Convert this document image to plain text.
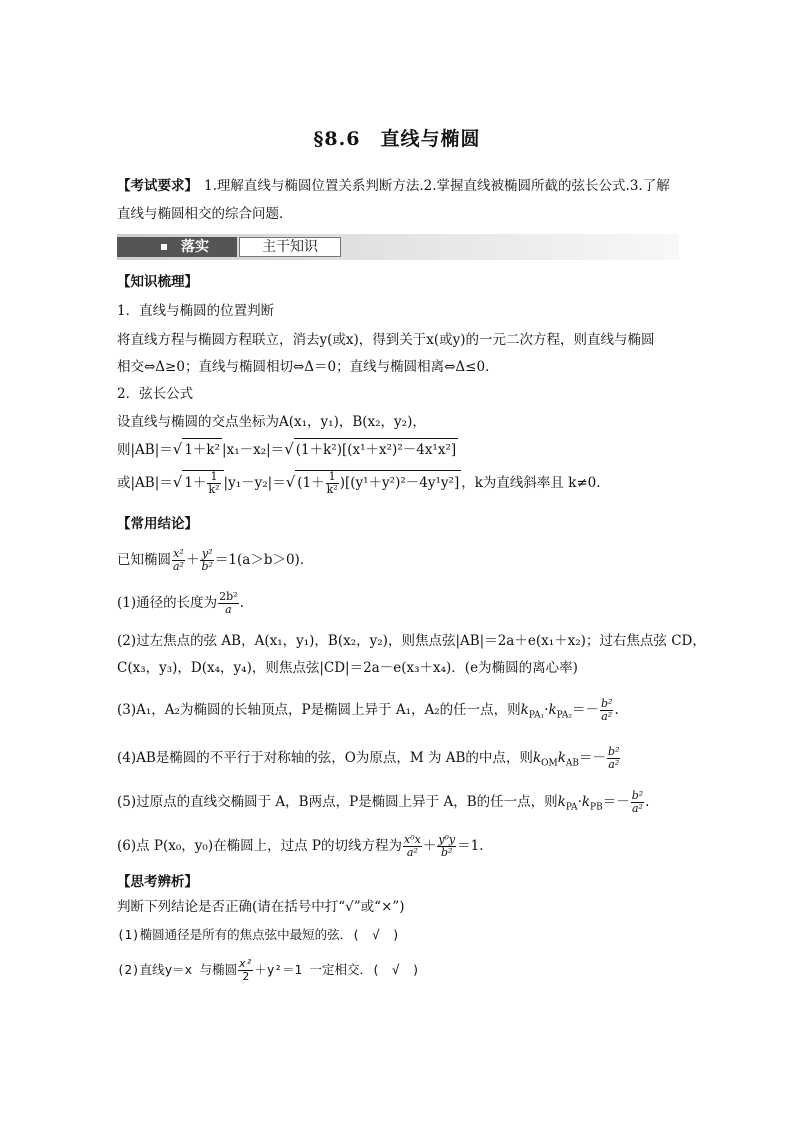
§8.6　直线与椭圆
【考试要求】 1.理解直线与椭圆位置关系判断方法.2.掌握直线被椭圆所截的弦长公式.3.了解
直线与椭圆相交的综合问题．
落实	主干知识
【知识梳理】
1．直线与椭圆的位置判断
将直线方程与椭圆方程联立，消去y(或x)，得到关于x(或y)的一元二次方程，则直线与椭圆
相交⇔Δ≥0；直线与椭圆相切⇔Δ＝0；直线与椭圆相离⇔Δ≤0.
2．弦长公式
设直线与椭圆的交点坐标为A(x₁，y₁)，B(x₂，y₂)，
则|AB|＝√ 1＋k² |x₁－x₂|＝√ (1＋k²)[(x¹＋x²)²－4x¹x²]
或|AB|＝√ $1+ \frac{1}{\text{k²}} |y_1-y_2|=√$ $(1+ \frac{1}{\text{k²}} )[(y^1+y^2)^2-4y^1y^2]$ ，k为直线斜率且 k≠0.
【常用结论】
已知椭圆 $\frac{\text{x²}}{\text{a²}} + \frac{\text{y²}}{\text{b²}} =1(a>b>0)$．
(1)通径的长度为 $\frac{\text{2b²}}{a}$ .
(2)过左焦点的弦 AB，A(x₁，y₁)，B(x₂，y₂)，则焦点弦|AB|＝2a＋e(x₁＋x₂)；过右焦点弦 CD，
C(x₃，y₃)，D(x₄，y₄)，则焦点弦|CD|＝2a－e(x₃＋x₄)．(e为椭圆的离心率)
(3)A₁，A₂为椭圆的长轴顶点，P是椭圆上异于 A₁，A₂的任一点，则$k_{PA_1}\cdot k_{PA_2}=- \frac{\text{b²}}{\text{a²}}$ .
(4)AB是椭圆的不平行于对称轴的弦，O为原点，M 为 AB的中点，则$k_{OM}k_{AB}=- \frac{\text{b²}}{\text{a²}}$
(5)过原点的直线交椭圆于 A，B两点，P是椭圆上异于 A，B的任一点，则$k_{PA}\cdot k_{PB}=- \frac{\text{b²}}{\text{a²}}$ .
(6)点 P(x₀，y₀)在椭圆上，过点 P的切线方程为 $\frac{\text{x⁰x}}{\text{a²}} + \frac{\text{y⁰y}}{\text{b²}} =1$.
【思考辨析】
判断下列结论是否正确(请在括号中打“√”或“×”)
(1)椭圆通径是所有的焦点弦中最短的弦．(　√　)
(2)直线y＝x 与椭圆 $\frac{\text{x²}}{2} +y^2=1$ 一定相交．(　√　)
